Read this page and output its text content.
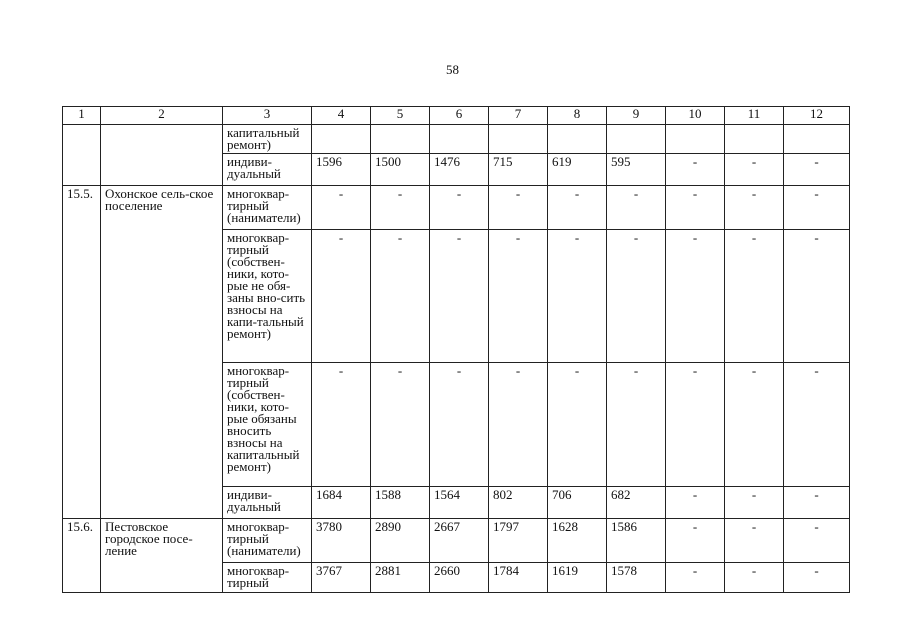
58
1	2	3	4	5	6	7	8	9	10	11	12
		капитальный ремонт)									
		индиви-дуальный	1596	1500	1476	715	619	595	-	-	-
15.5.	Охонское сель-ское поселение	многоквар-тирный (наниматели)	-	-	-	-	-	-	-	-	-
		многоквар-тирный (собствен-ники, кото-рые не обя-заны вно-сить взносы на капи-тальный ремонт)	-	-	-	-	-	-	-	-	-
		многоквар-тирный (собствен-ники, кото-рые обязаны вносить взносы на капитальный ремонт)	-	-	-	-	-	-	-	-	-
		индиви-дуальный	1684	1588	1564	802	706	682	-	-	-
15.6.	Пестовское городское посе-ление	многоквар-тирный (наниматели)	3780	2890	2667	1797	1628	1586	-	-	-
		многоквар-тирный	3767	2881	2660	1784	1619	1578	-	-	-
